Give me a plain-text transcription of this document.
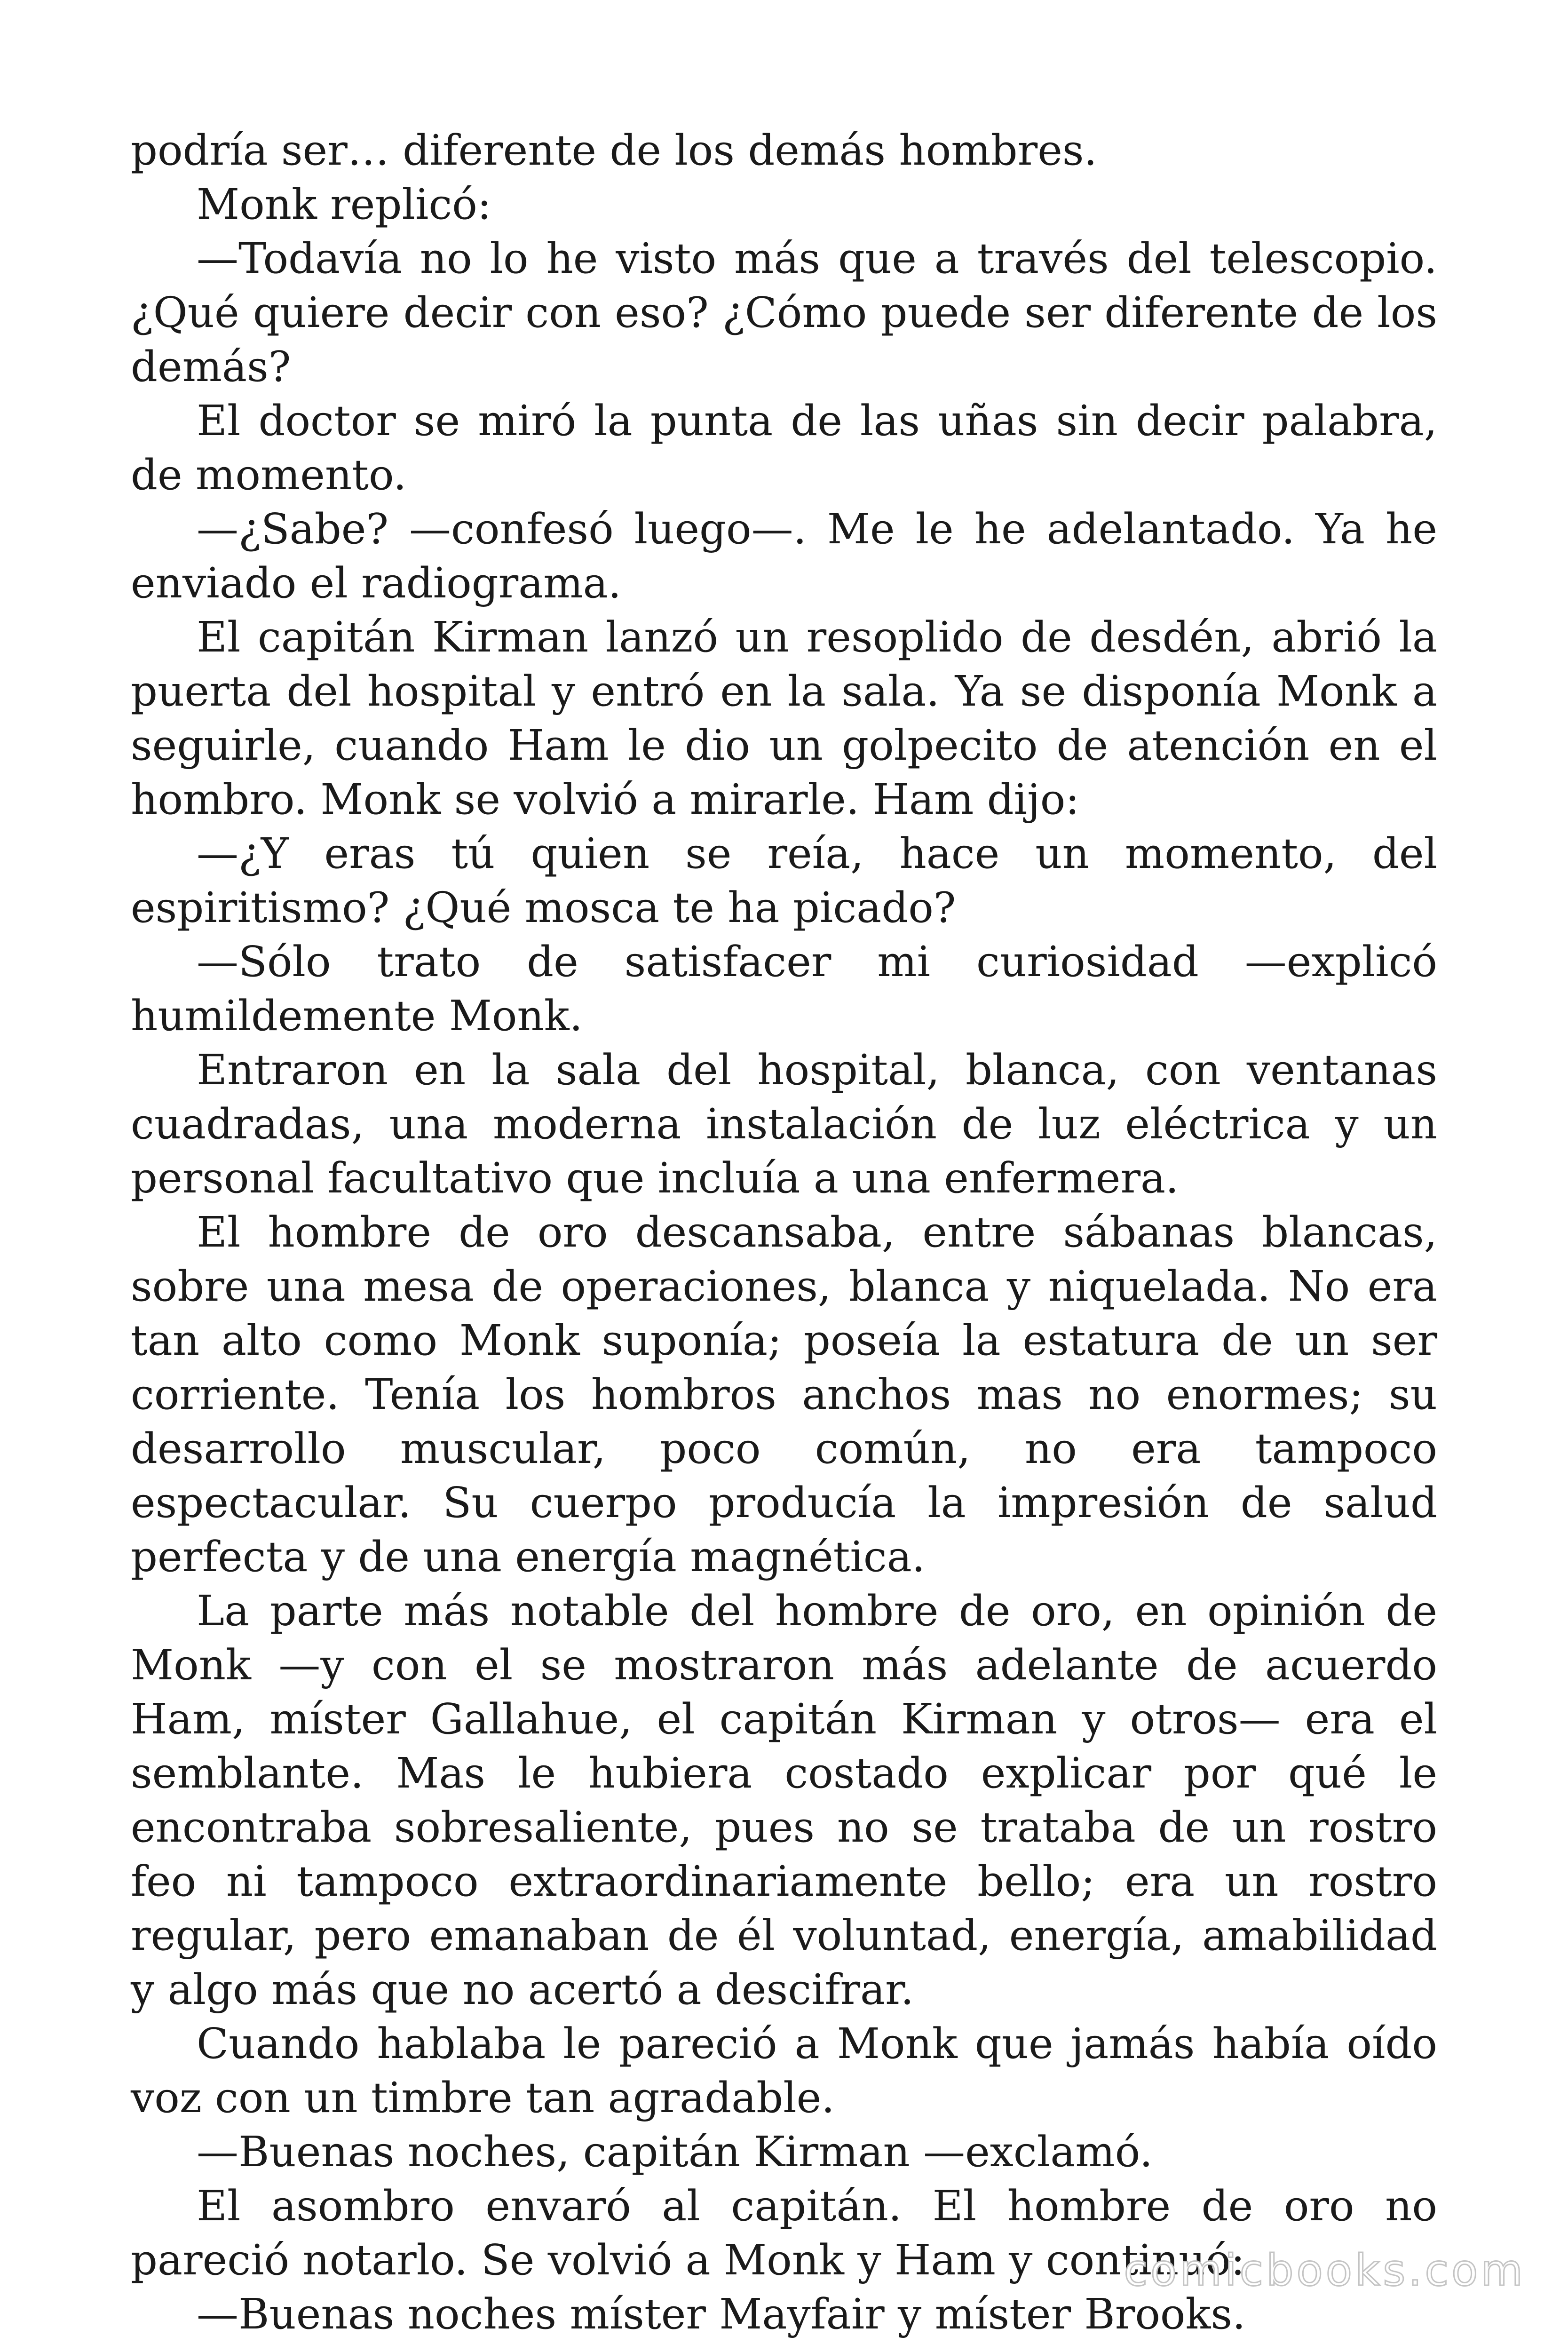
podría ser… diferente de los demás hombres.

Monk replicó:

—Todavía no lo he visto más que a través del telescopio. ¿Qué quiere decir con eso? ¿Cómo puede ser diferente de los demás?

El doctor se miró la punta de las uñas sin decir palabra, de momento.

—¿Sabe? —confesó luego—. Me le he adelantado. Ya he enviado el radiograma.

El capitán Kirman lanzó un resoplido de desdén, abrió la puerta del hospital y entró en la sala. Ya se disponía Monk a seguirle, cuando Ham le dio un golpecito de atención en el hombro. Monk se volvió a mirarle. Ham dijo:

—¿Y eras tú quien se reía, hace un momento, del espiritismo? ¿Qué mosca te ha picado?

—Sólo trato de satisfacer mi curiosidad —explicó humildemente Monk.

Entraron en la sala del hospital, blanca, con ventanas cuadradas, una moderna instalación de luz eléctrica y un personal facultativo que incluía a una enfermera.

El hombre de oro descansaba, entre sábanas blancas, sobre una mesa de operaciones, blanca y niquelada. No era tan alto como Monk suponía; poseía la estatura de un ser corriente. Tenía los hombros anchos mas no enormes; su desarrollo muscular, poco común, no era tampoco espectacular. Su cuerpo producía la impresión de salud perfecta y de una energía magnética.

La parte más notable del hombre de oro, en opinión de Monk —y con el se mostraron más adelante de acuerdo Ham, míster Gallahue, el capitán Kirman y otros— era el semblante. Mas le hubiera costado explicar por qué le encontraba sobresaliente, pues no se trataba de un rostro feo ni tampoco extraordinariamente bello; era un rostro regular, pero emanaban de él voluntad, energía, amabilidad y algo más que no acertó a descifrar.

Cuando hablaba le pareció a Monk que jamás había oído voz con un timbre tan agradable.

—Buenas noches, capitán Kirman —exclamó.

El asombro envaró al capitán. El hombre de oro no pareció notarlo. Se volvió a Monk y Ham y continuó:

—Buenas noches míster Mayfair y míster Brooks.

comicbooks.com
